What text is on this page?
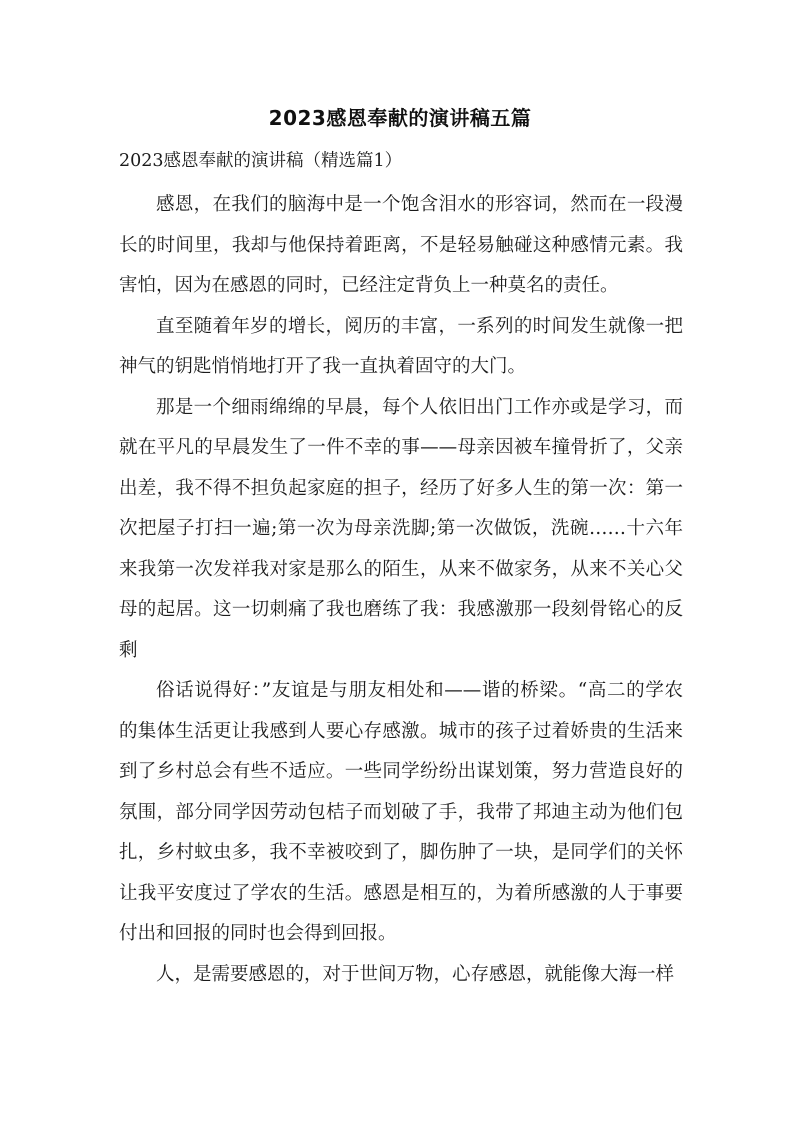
2023感恩奉献的演讲稿五篇
2023感恩奉献的演讲稿（精选篇1）

感恩，在我们的脑海中是一个饱含泪水的形容词，然而在一段漫长的时间里，我却与他保持着距离，不是轻易触碰这种感情元素。我害怕，因为在感恩的同时，已经注定背负上一种莫名的责任。

直至随着年岁的增长，阅历的丰富，一系列的时间发生就像一把神气的钥匙悄悄地打开了我一直执着固守的大门。

那是一个细雨绵绵的早晨，每个人依旧出门工作亦或是学习，而就在平凡的早晨发生了一件不幸的事——母亲因被车撞骨折了，父亲出差，我不得不担负起家庭的担子，经历了好多人生的第一次：第一次把屋子打扫一遍;第一次为母亲洗脚;第一次做饭，洗碗……十六年来我第一次发祥我对家是那么的陌生，从来不做家务，从来不关心父母的起居。这一切刺痛了我也磨练了我：我感激那一段刻骨铭心的反剩

俗话说得好：”友谊是与朋友相处和——谐的桥梁。“高二的学农的集体生活更让我感到人要心存感激。城市的孩子过着娇贵的生活来到了乡村总会有些不适应。一些同学纷纷出谋划策，努力营造良好的氛围，部分同学因劳动包桔子而划破了手，我带了邦迪主动为他们包扎，乡村蚊虫多，我不幸被咬到了，脚伤肿了一块，是同学们的关怀让我平安度过了学农的生活。感恩是相互的，为着所感激的人于事要付出和回报的同时也会得到回报。

人，是需要感恩的，对于世间万物，心存感恩，就能像大海一样
